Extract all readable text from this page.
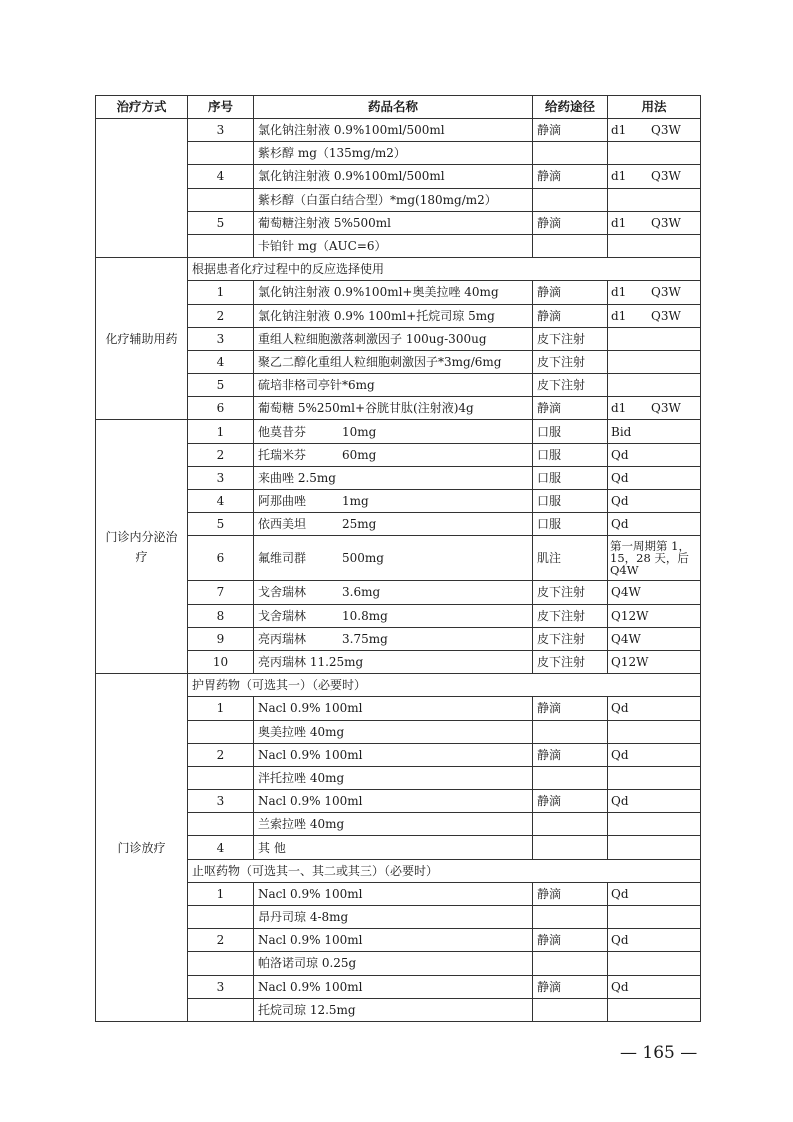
治疗方式	序号	药品名称	给药途径	用法
	3	氯化钠注射液 0.9%100ml/500ml	静滴	d1 Q3W
		紫杉醇 mg（135mg/m2）		
	4	氯化钠注射液 0.9%100ml/500ml	静滴	d1 Q3W
		紫杉醇（白蛋白结合型）*mg(180mg/m2）		
	5	葡萄糖注射液 5%500ml	静滴	d1 Q3W
		卡铂针 mg（AUC=6）		
化疗辅助用药	根据患者化疗过程中的反应选择使用			
	1	氯化钠注射液 0.9%100ml+奥美拉唑 40mg	静滴	d1 Q3W
	2	氯化钠注射液 0.9% 100ml+托烷司琼 5mg	静滴	d1 Q3W
	3	重组人粒细胞激落刺激因子 100ug-300ug	皮下注射	
	4	聚乙二醇化重组人粒细胞刺激因子*3mg/6mg	皮下注射	
	5	硫培非格司亭针*6mg	皮下注射	
	6	葡萄糖 5%250ml+谷胱甘肽(注射液)4g	静滴	d1 Q3W
门诊内分泌治疗	1	他莫昔芬　　　10mg	口服	Bid
	2	托瑞米芬　　　60mg	口服	Qd
	3	来曲唑 2.5mg	口服	Qd
	4	阿那曲唑　　　1mg	口服	Qd
	5	依西美坦　　　25mg	口服	Qd
	6	氟维司群　　　500mg	肌注	第一周期第 1，15，28 天，后 Q4W
	7	戈舍瑞林　　　3.6mg	皮下注射	Q4W
	8	戈舍瑞林　　　10.8mg	皮下注射	Q12W
	9	亮丙瑞林　　　3.75mg	皮下注射	Q4W
	10	亮丙瑞林 11.25mg	皮下注射	Q12W
门诊放疗	护胃药物（可选其一）（必要时）			
	1	Nacl 0.9% 100ml	静滴	Qd
		奥美拉唑 40mg		
	2	Nacl 0.9% 100ml	静滴	Qd
		泮托拉唑 40mg		
	3	Nacl 0.9% 100ml	静滴	Qd
		兰索拉唑 40mg		
	4	其 他		
	止呕药物（可选其一、其二或其三）（必要时）			
	1	Nacl 0.9% 100ml	静滴	Qd
		昂丹司琼 4-8mg		
	2	Nacl 0.9% 100ml	静滴	Qd
		帕洛诺司琼 0.25g		
	3	Nacl 0.9% 100ml	静滴	Qd
		托烷司琼 12.5mg		
— 165 —
